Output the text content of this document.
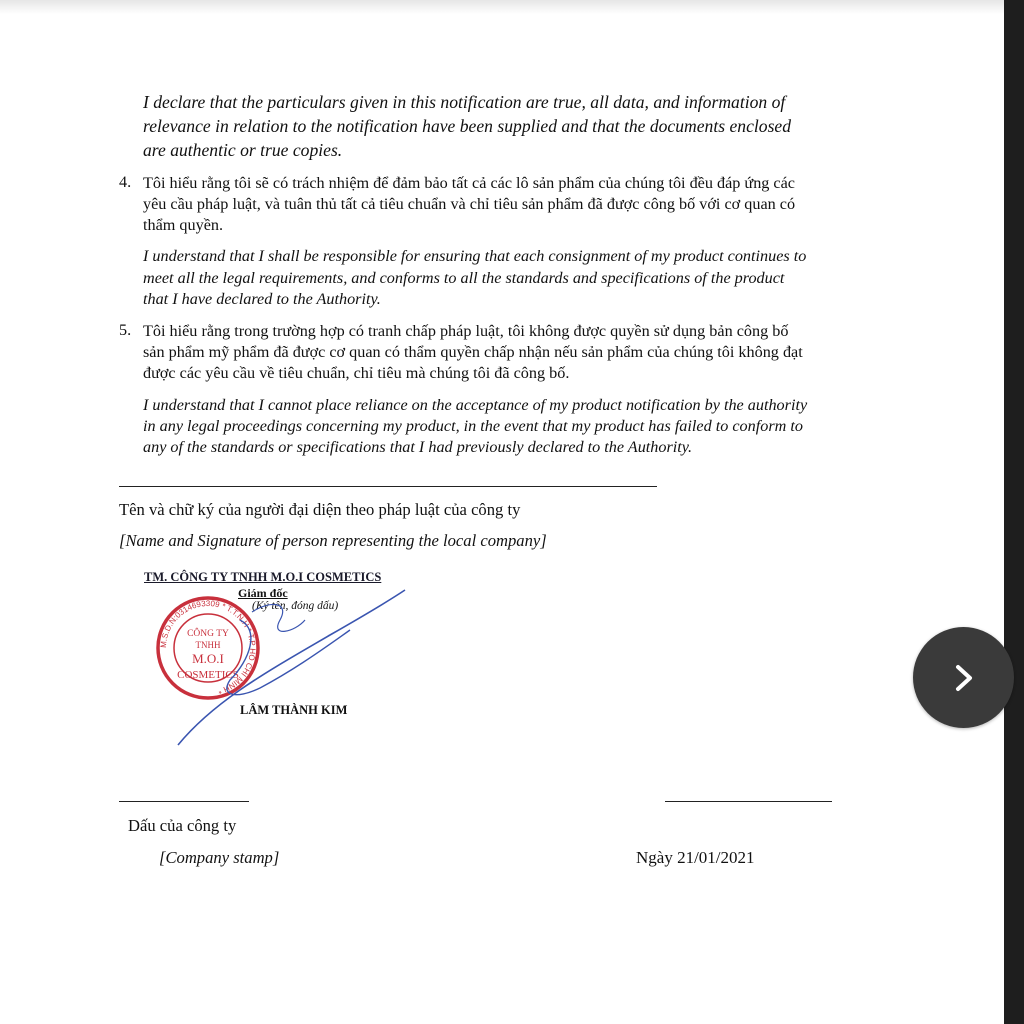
I declare that the particulars given in this notification are true, all data, and information of
relevance in relation to the notification have been supplied and that the documents enclosed
are authentic or true copies.
4. Tôi hiểu rằng tôi sẽ có trách nhiệm để đảm bảo tất cả các lô sản phẩm của chúng tôi đều đáp ứng các
yêu cầu pháp luật, và tuân thủ tất cả tiêu chuẩn và chỉ tiêu sản phẩm đã được công bố với cơ quan có
thẩm quyền.
I understand that I shall be responsible for ensuring that each consignment of my product continues to
meet all the legal requirements, and conforms to all the standards and specifications of the product
that I have declared to the Authority.
5. Tôi hiểu rằng trong trường hợp có tranh chấp pháp luật, tôi không được quyền sử dụng bản công bố
sản phẩm mỹ phẩm đã được cơ quan có thẩm quyền chấp nhận nếu sản phẩm của chúng tôi không đạt
được các yêu cầu về tiêu chuẩn, chỉ tiêu mà chúng tôi đã công bố.
I understand that I cannot place reliance on the acceptance of my product notification by the authority
in any legal proceedings concerning my product, in the event that my product has failed to conform to
any of the standards or specifications that I had previously declared to the Authority.
Tên và chữ ký của người đại diện theo pháp luật của công ty
[Name and Signature of person representing the local company]
TM. CÔNG TY TNHH M.O.I COSMETICS
Giám đốc
(Ký tên, đóng dấu)
LÂM THÀNH KIM
M.S.D.N:0314693309 * T.T.N.H * T.P HỒ CHÍ MINH *
CÔNG TY
TNHH
M.O.I
COSMETICS
Dấu của công ty
[Company stamp]	Ngày 21/01/2021
